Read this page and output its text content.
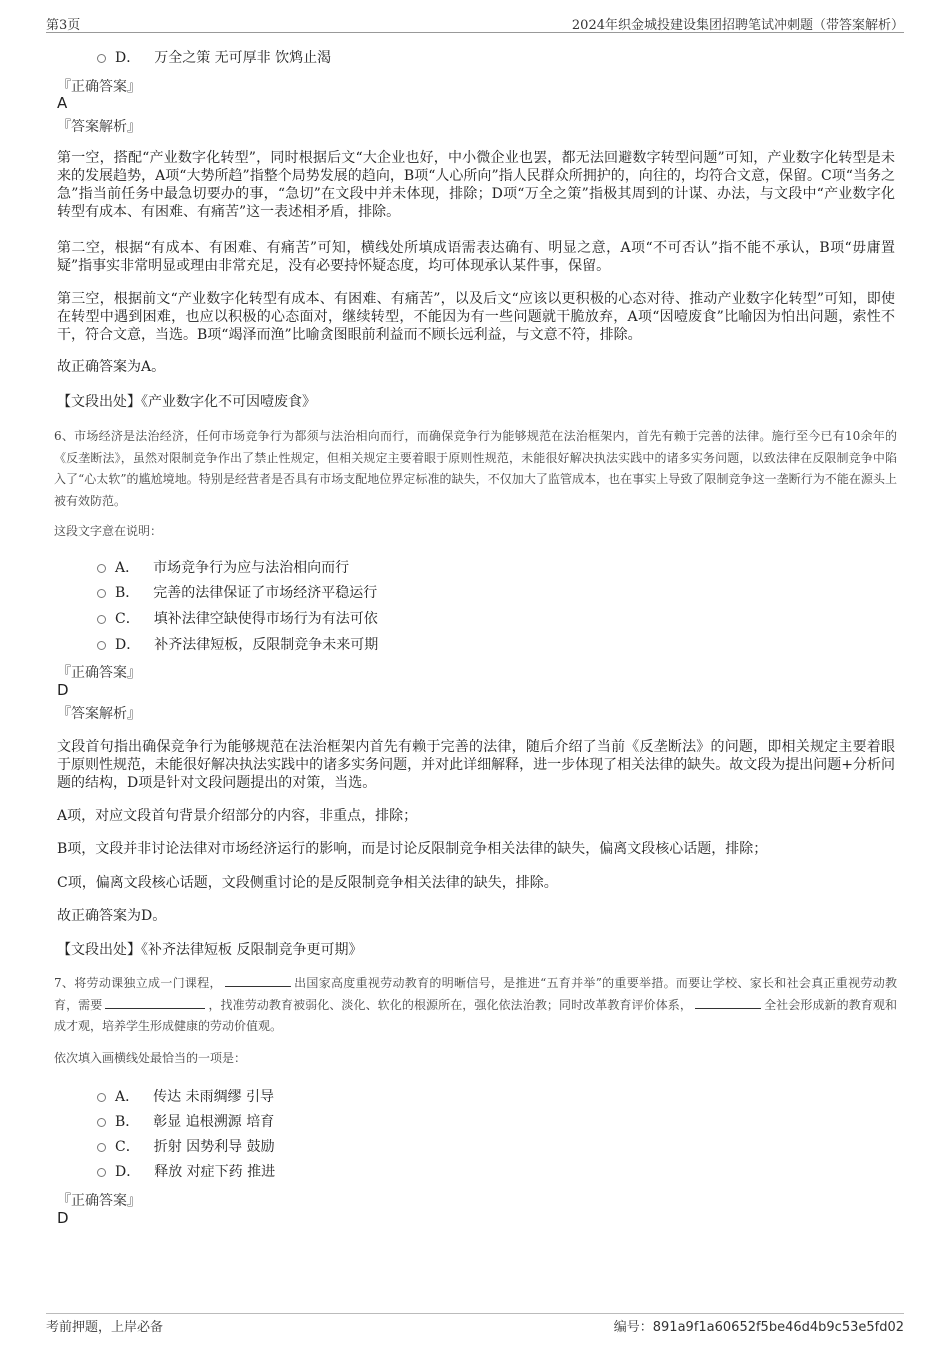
第3页	2024年织金城投建设集团招聘笔试冲刺题（带答案解析）
D． 万全之策 无可厚非 饮鸩止渴
『正确答案』
A
『答案解析』
第一空，搭配“产业数字化转型”，同时根据后文“大企业也好，中小微企业也罢，都无法回避数字转型问题”可知，产业数字化转型是未来的发展趋势，A项“大势所趋”指整个局势发展的趋向，B项“人心所向”指人民群众所拥护的，向往的，均符合文意，保留。C项“当务之急”指当前任务中最急切要办的事，“急切”在文段中并未体现，排除；D项“万全之策”指极其周到的计谋、办法，与文段中“产业数字化转型有成本、有困难、有痛苦”这一表述相矛盾，排除。
第二空，根据“有成本、有困难、有痛苦”可知，横线处所填成语需表达确有、明显之意，A项“不可否认”指不能不承认，B项“毋庸置疑”指事实非常明显或理由非常充足，没有必要持怀疑态度，均可体现承认某件事，保留。
第三空，根据前文“产业数字化转型有成本、有困难、有痛苦”，以及后文“应该以更积极的心态对待、推动产业数字化转型”可知，即使在转型中遇到困难，也应以积极的心态面对，继续转型，不能因为有一些问题就干脆放弃，A项“因噎废食”比喻因为怕出问题，索性不干，符合文意，当选。B项“竭泽而渔”比喻贪图眼前利益而不顾长远利益，与文意不符，排除。
故正确答案为A。
【文段出处】《产业数字化不可因噎废食》
6、市场经济是法治经济，任何市场竞争行为都须与法治相向而行，而确保竞争行为能够规范在法治框架内，首先有赖于完善的法律。施行至今已有10余年的《反垄断法》，虽然对限制竞争作出了禁止性规定，但相关规定主要着眼于原则性规范，未能很好解决执法实践中的诸多实务问题，以致法律在反限制竞争中陷入了“心太软”的尴尬境地。特别是经营者是否具有市场支配地位界定标准的缺失，不仅加大了监管成本，也在事实上导致了限制竞争这一垄断行为不能在源头上被有效防范。
这段文字意在说明：
A． 市场竞争行为应与法治相向而行
B． 完善的法律保证了市场经济平稳运行
C． 填补法律空缺使得市场行为有法可依
D． 补齐法律短板，反限制竞争未来可期
『正确答案』
D
『答案解析』
文段首句指出确保竞争行为能够规范在法治框架内首先有赖于完善的法律，随后介绍了当前《反垄断法》的问题，即相关规定主要着眼于原则性规范，未能很好解决执法实践中的诸多实务问题，并对此详细解释，进一步体现了相关法律的缺失。故文段为提出问题+分析问题的结构，D项是针对文段问题提出的对策，当选。
A项，对应文段首句背景介绍部分的内容，非重点，排除；
B项，文段并非讨论法律对市场经济运行的影响，而是讨论反限制竞争相关法律的缺失，偏离文段核心话题，排除；
C项，偏离文段核心话题，文段侧重讨论的是反限制竞争相关法律的缺失，排除。
故正确答案为D。
【文段出处】《补齐法律短板 反限制竞争更可期》
7、将劳动课独立成一门课程，	出国家高度重视劳动教育的明晰信号，是推进“五育并举”的重要举措。而要让学校、家长和社会真正重视劳动教育，需要	，找准劳动教育被弱化、淡化、软化的根源所在，强化依法治教；同时改革教育评价体系，	全社会形成新的教育观和成才观，培养学生形成健康的劳动价值观。
依次填入画横线处最恰当的一项是：
A． 传达 未雨绸缪 引导
B． 彰显 追根溯源 培育
C． 折射 因势利导 鼓励
D． 释放 对症下药 推进
『正确答案』
D
考前押题，上岸必备	编号：891a9f1a60652f5be46d4b9c53e5fd02
